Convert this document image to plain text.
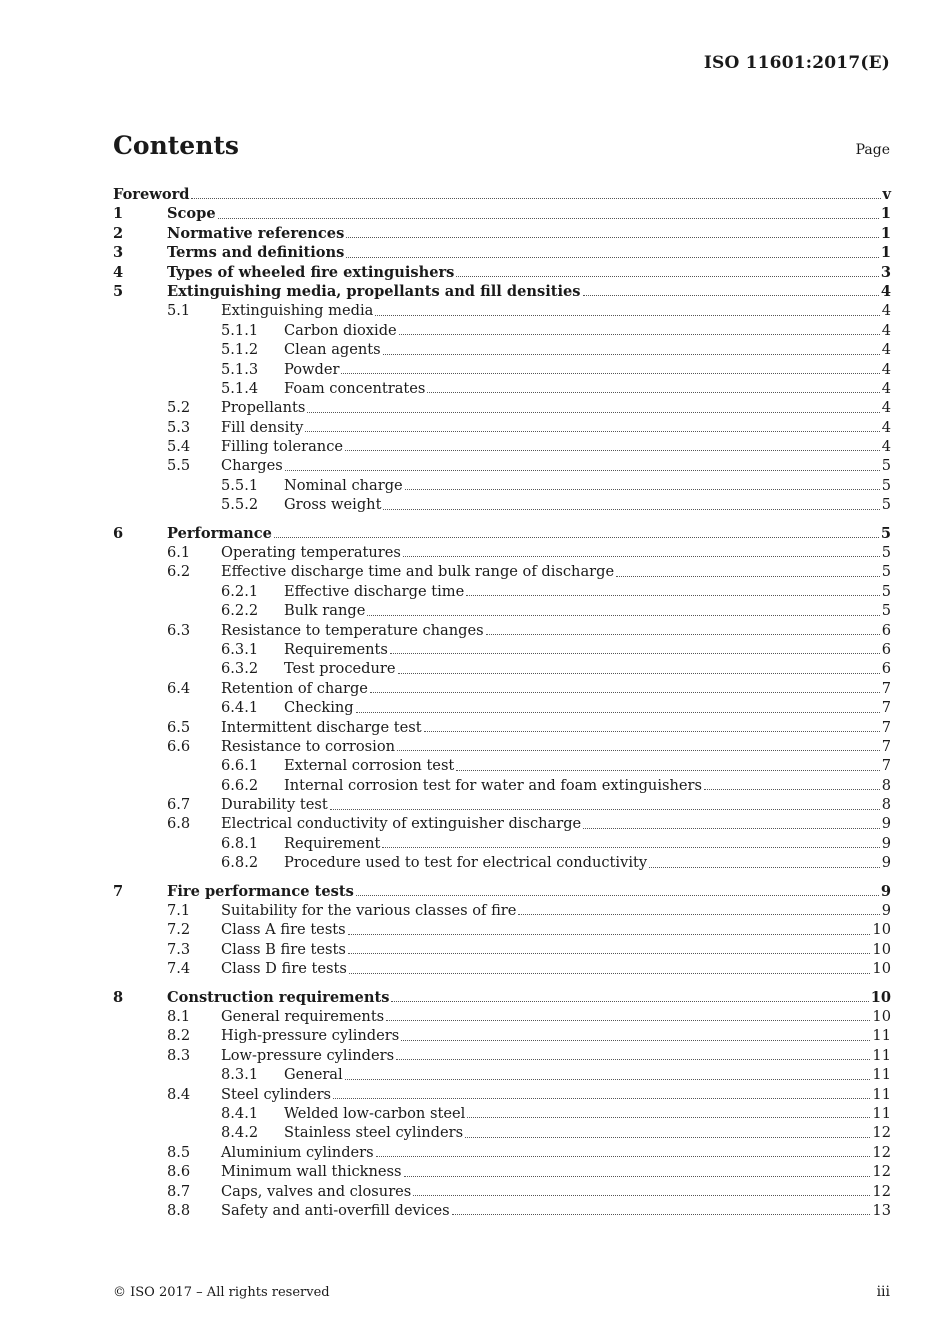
ISO 11601:2017(E)
Contents	Page
Foreword	v
1	Scope	1
2	Normative references	1
3	Terms and definitions	1
4	Types of wheeled fire extinguishers	3
5	Extinguishing media, propellants and fill densities	4
5.1	Extinguishing media	4
5.1.1	Carbon dioxide	4
5.1.2	Clean agents	4
5.1.3	Powder	4
5.1.4	Foam concentrates	4
5.2	Propellants	4
5.3	Fill density	4
5.4	Filling tolerance	4
5.5	Charges	5
5.5.1	Nominal charge	5
5.5.2	Gross weight	5
6	Performance	5
6.1	Operating temperatures	5
6.2	Effective discharge time and bulk range of discharge	5
6.2.1	Effective discharge time	5
6.2.2	Bulk range	5
6.3	Resistance to temperature changes	6
6.3.1	Requirements	6
6.3.2	Test procedure	6
6.4	Retention of charge	7
6.4.1	Checking	7
6.5	Intermittent discharge test	7
6.6	Resistance to corrosion	7
6.6.1	External corrosion test	7
6.6.2	Internal corrosion test for water and foam extinguishers	8
6.7	Durability test	8
6.8	Electrical conductivity of extinguisher discharge	9
6.8.1	Requirement	9
6.8.2	Procedure used to test for electrical conductivity	9
7	Fire performance tests	9
7.1	Suitability for the various classes of fire	9
7.2	Class A fire tests	10
7.3	Class B fire tests	10
7.4	Class D fire tests	10
8	Construction requirements	10
8.1	General requirements	10
8.2	High-pressure cylinders	11
8.3	Low-pressure cylinders	11
8.3.1	General	11
8.4	Steel cylinders	11
8.4.1	Welded low-carbon steel	11
8.4.2	Stainless steel cylinders	12
8.5	Aluminium cylinders	12
8.6	Minimum wall thickness	12
8.7	Caps, valves and closures	12
8.8	Safety and anti-overfill devices	13
© ISO 2017 – All rights reserved	iii
